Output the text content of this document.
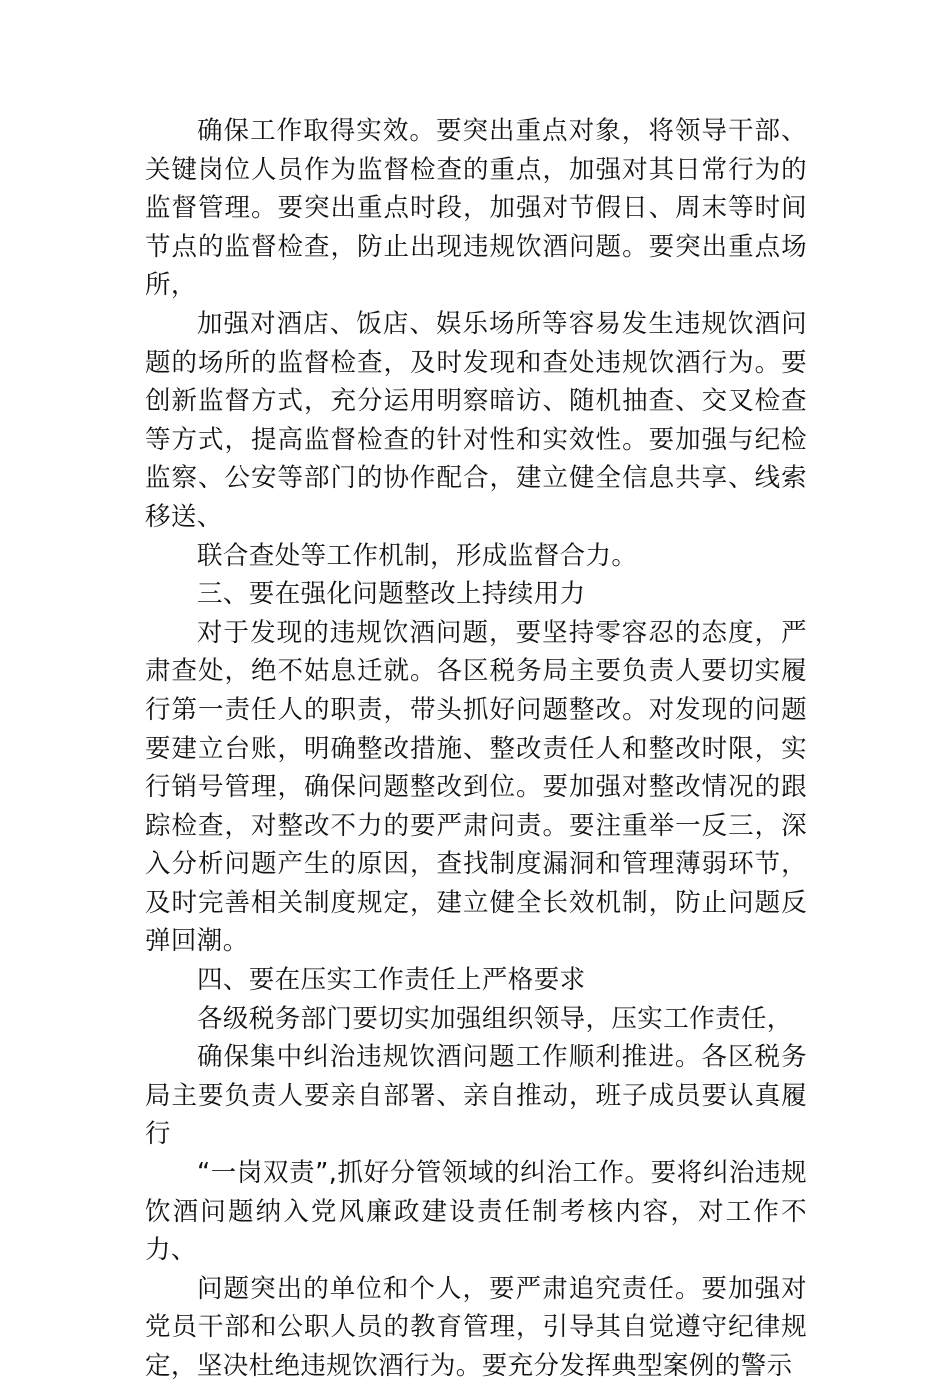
确保工作取得实效。要突出重点对象，将领导干部、关键岗位人员作为监督检查的重点，加强对其日常行为的监督管理。要突出重点时段，加强对节假日、周末等时间节点的监督检查，防止出现违规饮酒问题。要突出重点场所，

加强对酒店、饭店、娱乐场所等容易发生违规饮酒问题的场所的监督检查，及时发现和查处违规饮酒行为。要创新监督方式，充分运用明察暗访、随机抽查、交叉检查等方式，提高监督检查的针对性和实效性。要加强与纪检监察、公安等部门的协作配合，建立健全信息共享、线索移送、

联合查处等工作机制，形成监督合力。

三、要在强化问题整改上持续用力

对于发现的违规饮酒问题，要坚持零容忍的态度，严肃查处，绝不姑息迁就。各区税务局主要负责人要切实履行第一责任人的职责，带头抓好问题整改。对发现的问题要建立台账，明确整改措施、整改责任人和整改时限，实行销号管理，确保问题整改到位。要加强对整改情况的跟踪检查，对整改不力的要严肃问责。要注重举一反三，深入分析问题产生的原因，查找制度漏洞和管理薄弱环节，及时完善相关制度规定，建立健全长效机制，防止问题反弹回潮。

四、要在压实工作责任上严格要求

各级税务部门要切实加强组织领导，压实工作责任，

确保集中纠治违规饮酒问题工作顺利推进。各区税务局主要负责人要亲自部署、亲自推动，班子成员要认真履行

“一岗双责”,抓好分管领域的纠治工作。要将纠治违规饮酒问题纳入党风廉政建设责任制考核内容，对工作不力、

问题突出的单位和个人，要严肃追究责任。要加强对党员干部和公职人员的教育管理，引导其自觉遵守纪律规定，坚决杜绝违规饮酒行为。要充分发挥典型案例的警示
